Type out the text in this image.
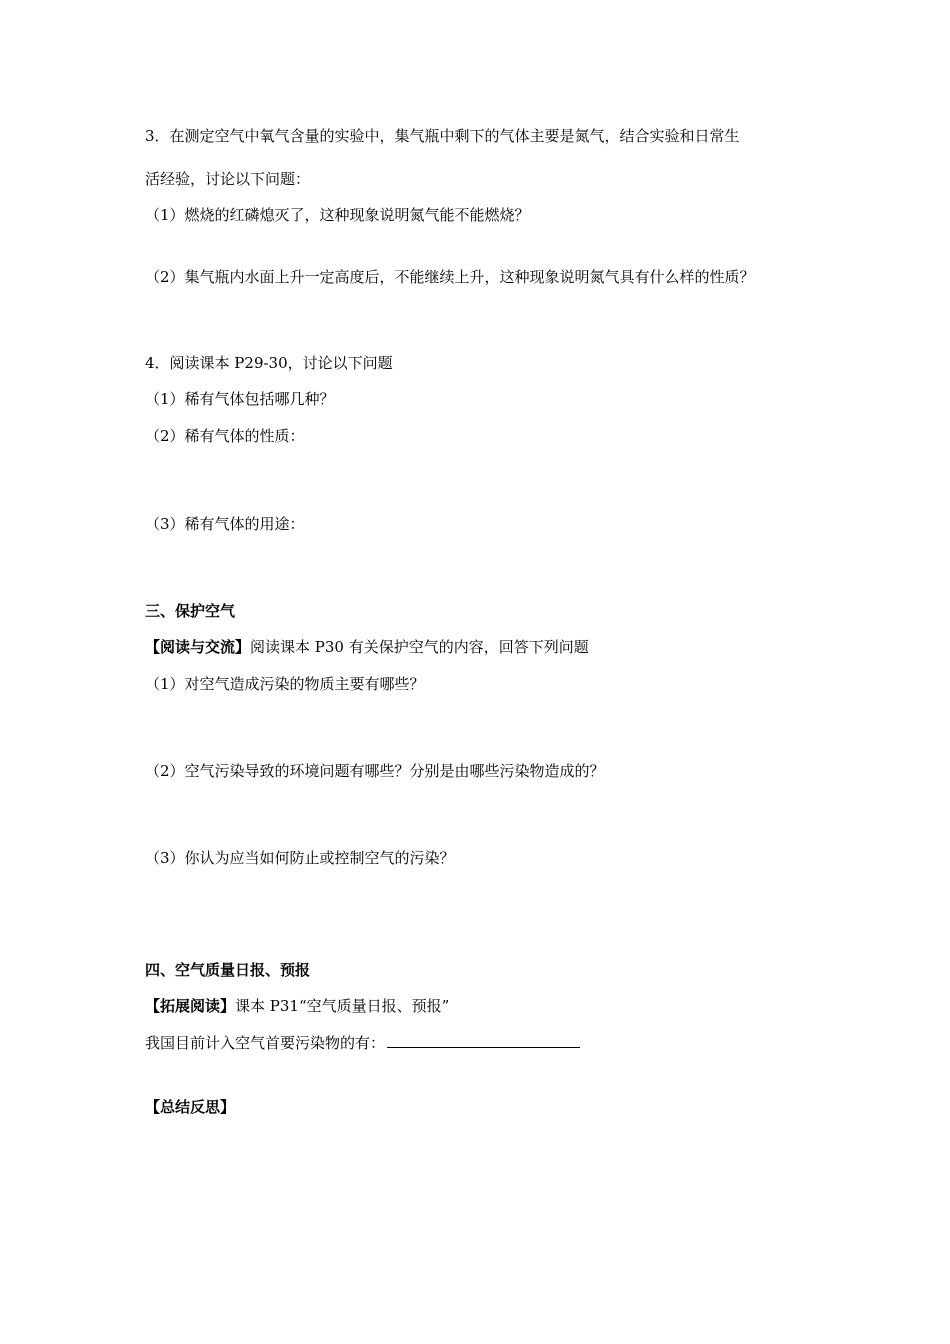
3．在测定空气中氧气含量的实验中，集气瓶中剩下的气体主要是氮气，结合实验和日常生
活经验，讨论以下问题：
（1）燃烧的红磷熄灭了，这种现象说明氮气能不能燃烧？
（2）集气瓶内水面上升一定高度后，不能继续上升，这种现象说明氮气具有什么样的性质？
4．阅读课本 P29-30，讨论以下问题
（1）稀有气体包括哪几种？
（2）稀有气体的性质：
（3）稀有气体的用途：
三、保护空气
【阅读与交流】阅读课本 P30 有关保护空气的内容，回答下列问题
（1）对空气造成污染的物质主要有哪些？
（2）空气污染导致的环境问题有哪些？分别是由哪些污染物造成的？
（3）你认为应当如何防止或控制空气的污染？
四、空气质量日报、预报
【拓展阅读】课本 P31“空气质量日报、预报”
我国目前计入空气首要污染物的有：
【总结反思】
